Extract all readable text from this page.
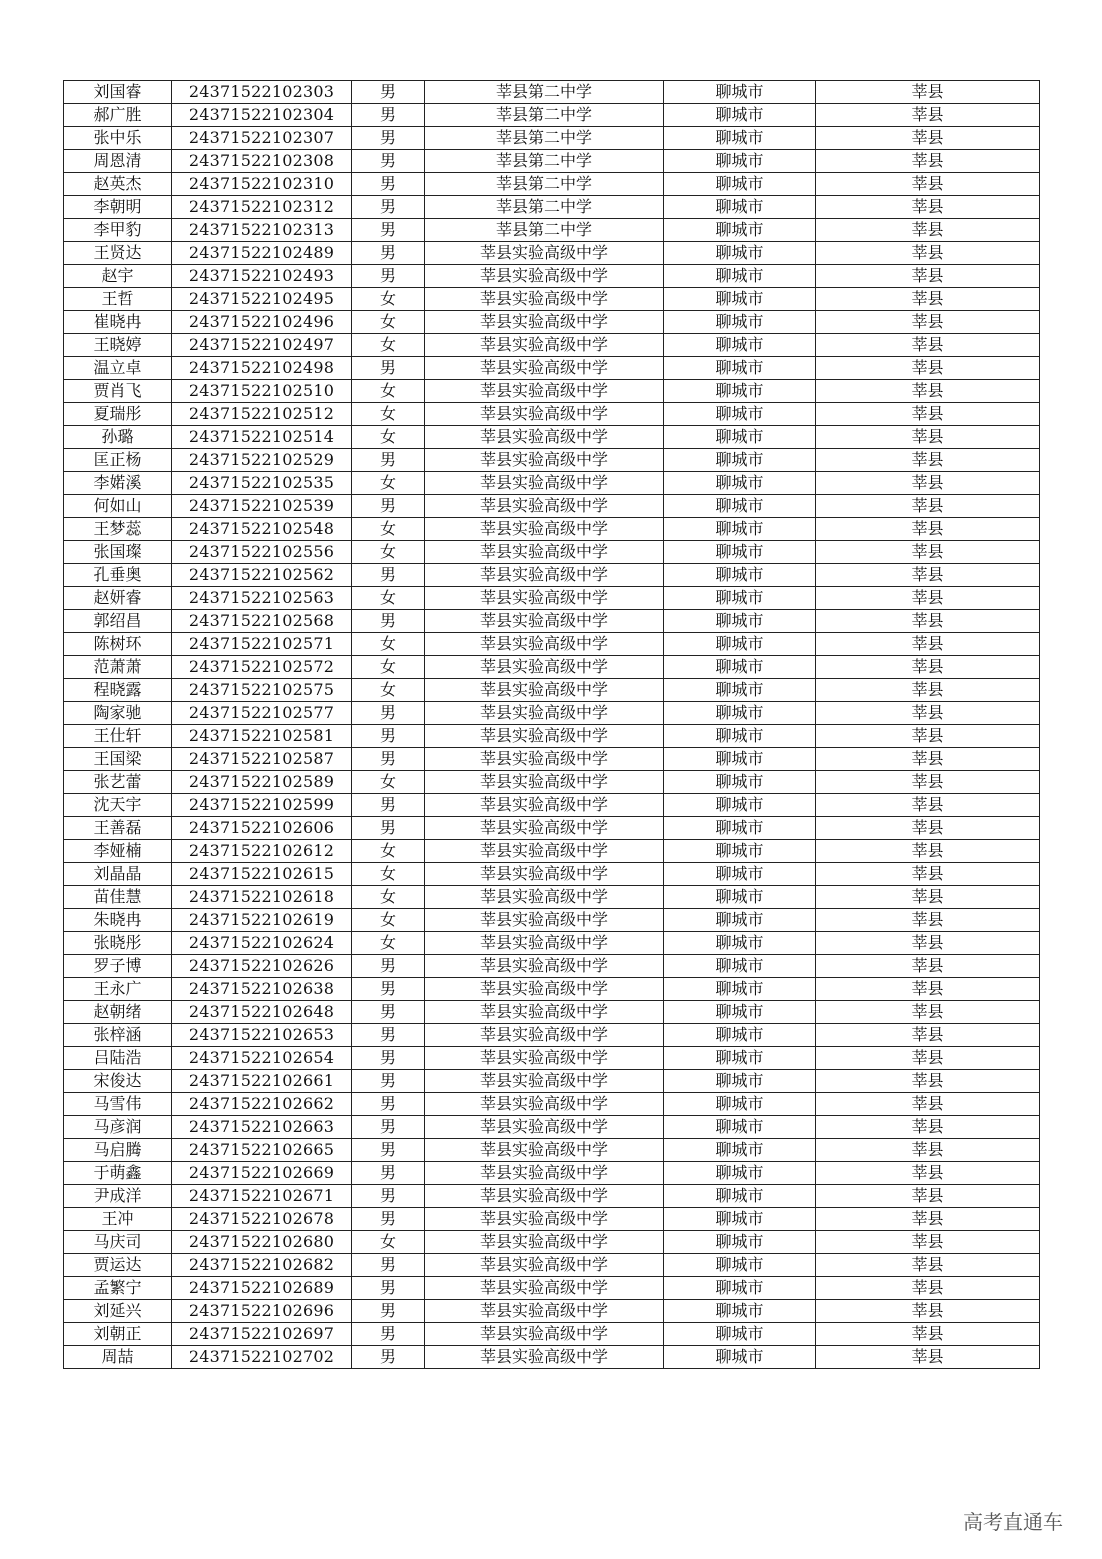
刘国睿	24371522102303	男	莘县第二中学	聊城市	莘县
郝广胜	24371522102304	男	莘县第二中学	聊城市	莘县
张中乐	24371522102307	男	莘县第二中学	聊城市	莘县
周恩清	24371522102308	男	莘县第二中学	聊城市	莘县
赵英杰	24371522102310	男	莘县第二中学	聊城市	莘县
李朝明	24371522102312	男	莘县第二中学	聊城市	莘县
李甲豹	24371522102313	男	莘县第二中学	聊城市	莘县
王贤达	24371522102489	男	莘县实验高级中学	聊城市	莘县
赵宇	24371522102493	男	莘县实验高级中学	聊城市	莘县
王哲	24371522102495	女	莘县实验高级中学	聊城市	莘县
崔晓冉	24371522102496	女	莘县实验高级中学	聊城市	莘县
王晓婷	24371522102497	女	莘县实验高级中学	聊城市	莘县
温立卓	24371522102498	男	莘县实验高级中学	聊城市	莘县
贾肖飞	24371522102510	女	莘县实验高级中学	聊城市	莘县
夏瑞彤	24371522102512	女	莘县实验高级中学	聊城市	莘县
孙璐	24371522102514	女	莘县实验高级中学	聊城市	莘县
匡正杨	24371522102529	男	莘县实验高级中学	聊城市	莘县
李婼溪	24371522102535	女	莘县实验高级中学	聊城市	莘县
何如山	24371522102539	男	莘县实验高级中学	聊城市	莘县
王梦蕊	24371522102548	女	莘县实验高级中学	聊城市	莘县
张国璨	24371522102556	女	莘县实验高级中学	聊城市	莘县
孔垂奥	24371522102562	男	莘县实验高级中学	聊城市	莘县
赵妍睿	24371522102563	女	莘县实验高级中学	聊城市	莘县
郭绍昌	24371522102568	男	莘县实验高级中学	聊城市	莘县
陈树环	24371522102571	女	莘县实验高级中学	聊城市	莘县
范萧萧	24371522102572	女	莘县实验高级中学	聊城市	莘县
程晓露	24371522102575	女	莘县实验高级中学	聊城市	莘县
陶家驰	24371522102577	男	莘县实验高级中学	聊城市	莘县
王仕轩	24371522102581	男	莘县实验高级中学	聊城市	莘县
王国梁	24371522102587	男	莘县实验高级中学	聊城市	莘县
张艺蕾	24371522102589	女	莘县实验高级中学	聊城市	莘县
沈天宇	24371522102599	男	莘县实验高级中学	聊城市	莘县
王善磊	24371522102606	男	莘县实验高级中学	聊城市	莘县
李娅楠	24371522102612	女	莘县实验高级中学	聊城市	莘县
刘晶晶	24371522102615	女	莘县实验高级中学	聊城市	莘县
苗佳慧	24371522102618	女	莘县实验高级中学	聊城市	莘县
朱晓冉	24371522102619	女	莘县实验高级中学	聊城市	莘县
张晓彤	24371522102624	女	莘县实验高级中学	聊城市	莘县
罗子博	24371522102626	男	莘县实验高级中学	聊城市	莘县
王永广	24371522102638	男	莘县实验高级中学	聊城市	莘县
赵朝绪	24371522102648	男	莘县实验高级中学	聊城市	莘县
张梓涵	24371522102653	男	莘县实验高级中学	聊城市	莘县
吕陆浩	24371522102654	男	莘县实验高级中学	聊城市	莘县
宋俊达	24371522102661	男	莘县实验高级中学	聊城市	莘县
马雪伟	24371522102662	男	莘县实验高级中学	聊城市	莘县
马彦润	24371522102663	男	莘县实验高级中学	聊城市	莘县
马启腾	24371522102665	男	莘县实验高级中学	聊城市	莘县
于萌鑫	24371522102669	男	莘县实验高级中学	聊城市	莘县
尹成洋	24371522102671	男	莘县实验高级中学	聊城市	莘县
王冲	24371522102678	男	莘县实验高级中学	聊城市	莘县
马庆司	24371522102680	女	莘县实验高级中学	聊城市	莘县
贾运达	24371522102682	男	莘县实验高级中学	聊城市	莘县
孟繁宁	24371522102689	男	莘县实验高级中学	聊城市	莘县
刘延兴	24371522102696	男	莘县实验高级中学	聊城市	莘县
刘朝正	24371522102697	男	莘县实验高级中学	聊城市	莘县
周喆	24371522102702	男	莘县实验高级中学	聊城市	莘县
高考直通车
